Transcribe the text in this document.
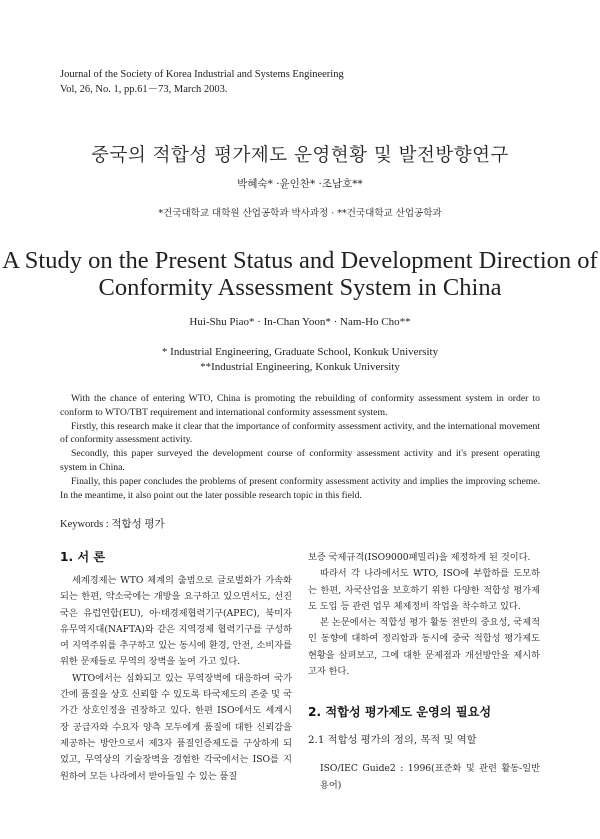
Journal of the Society of Korea Industrial and Systems Engineering
Vol, 26, No. 1, pp.61－73, March 2003.
중국의 적합성 평가제도 운영현황 및 발전방향연구
박혜숙* ·윤인찬* ·조남호**
*건국대학교 대학원 산업공학과 박사과정 · **건국대학교 산업공학과
A Study on the Present Status and Development Direction of
Conformity Assessment System in China
Hui-Shu Piao* · In-Chan Yoon* · Nam-Ho Cho**
* Industrial Engineering, Graduate School, Konkuk University
**Industrial Engineering, Konkuk University

With the chance of entering WTO, China is promoting the rebuilding of conformity assessment system in order to conform to WTO/TBT requirement and international conformity assessment system.

Firstly, this research make it clear that the importance of conformity assessment activity, and the international movement of conformity assessment activity.

Secondly, this paper surveyed the development course of conformity assessment activity and it's present operating system in China.

Finally, this paper concludes the problems of present conformity assessment activity and implies the improving scheme. In the meantime, it also point out the later possible research topic in this field.

Keywords : 적합성 평가
1. 서 론

세계경제는 WTO 체계의 출범으로 글로벌화가 가속화되는 한편, 약소국에는 개방을 요구하고 있으면서도, 선진국은 유럽연합(EU), 아·태경제협력기구(APEC), 북미자유무역지대(NAFTA)와 같은 지역경제 협력기구를 구성하여 지역주위를 추구하고 있는 동시에 환경, 안전, 소비자를 위한 문제들로 무역의 장벽을 높여 가고 있다.

WTO에서는 심화되고 있는 무역장벽에 대응하여 국가간에 품질을 상호 신뢰할 수 있도록 타국제도의 존중 및 국가간 상호인정을 권장하고 있다. 한편 ISO에서도 세계시장 공급자와 수요자 양측 모두에게 품질에 대한 신뢰감을 제공하는 방안으로서 제3자 품질인증제도를 구상하게 되었고, 무역상의 기술장벽을 경험한 각국에서는 ISO를 지원하여 모든 나라에서 받아들일 수 있는 품질

보증 국제규격(ISO9000패밀리)을 제정하게 된 것이다.

따라서 각 나라에서도 WTO, ISO에 부합하를 도모하는 한편, 자국산업을 보호하기 위한 다양한 적합성 평가제도 도입 등 관련 업무 체제정비 작업을 착수하고 있다.

본 논문에서는 적합성 평가 활동 전반의 중요성, 국제적인 동향에 대하여 정리함과 동시에 중국 적합성 평가제도 현황을 살펴보고, 그에 대한 문제점과 개선방안을 제시하고자 한다.

2. 적합성 평가제도 운영의 필요성
2.1 적합성 평가의 정의, 목적 및 역할
ISO/IEC Guide2 : 1996(표준화 및 관련 활동-일반 용어)
